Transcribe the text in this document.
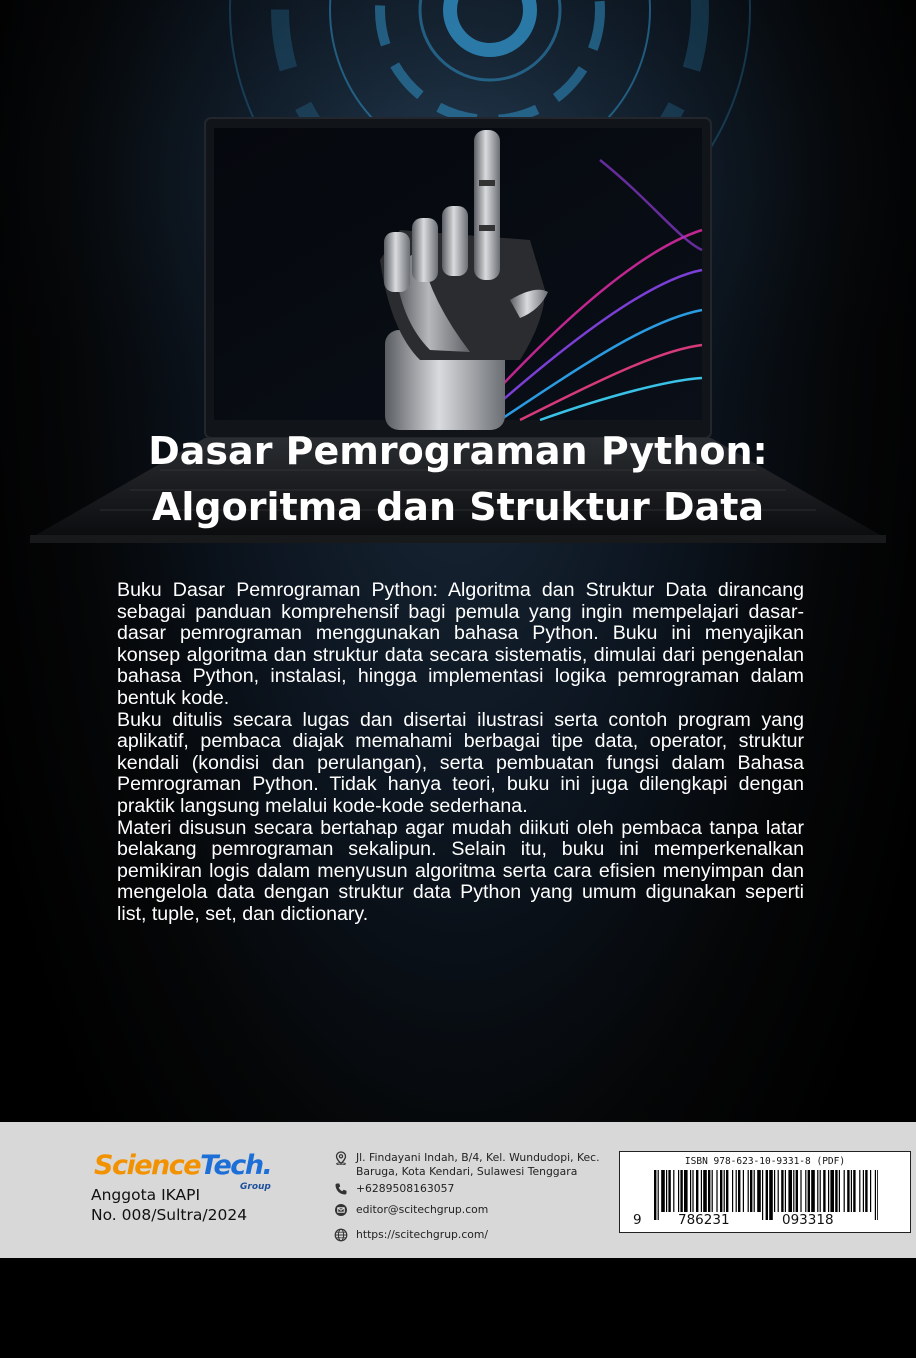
Dasar Pemrograman Python:
Algoritma dan Struktur Data

Buku Dasar Pemrograman Python: Algoritma dan Struktur Data dirancang sebagai panduan komprehensif bagi pemula yang ingin mempelajari dasar-dasar pemrograman menggunakan bahasa Python. Buku ini menyajikan konsep algoritma dan struktur data secara sistematis, dimulai dari pengenalan bahasa Python, instalasi, hingga implementasi logika pemrograman dalam bentuk kode.

Buku ditulis secara lugas dan disertai ilustrasi serta contoh program yang aplikatif, pembaca diajak memahami berbagai tipe data, operator, struktur kendali (kondisi dan perulangan), serta pembuatan fungsi dalam Bahasa Pemrograman Python. Tidak hanya teori, buku ini juga dilengkapi dengan praktik langsung melalui kode-kode sederhana.

Materi disusun secara bertahap agar mudah diikuti oleh pembaca tanpa latar belakang pemrograman sekalipun. Selain itu, buku ini memperkenalkan pemikiran logis dalam menyusun algoritma serta cara efisien menyimpan dan mengelola data dengan struktur data Python yang umum digunakan seperti list, tuple, set, dan dictionary.

ScienceTech.
Group
Anggota IKAPI
No. 008/Sultra/2024
Jl. Findayani Indah, B/4, Kel. Wundudopi, Kec. Baruga, Kota Kendari, Sulawesi Tenggara
+6289508163057
editor@scitechgrup.com
https://scitechgrup.com/
ISBN 978-623-10-9331-8 (PDF)
9	786231	093318
